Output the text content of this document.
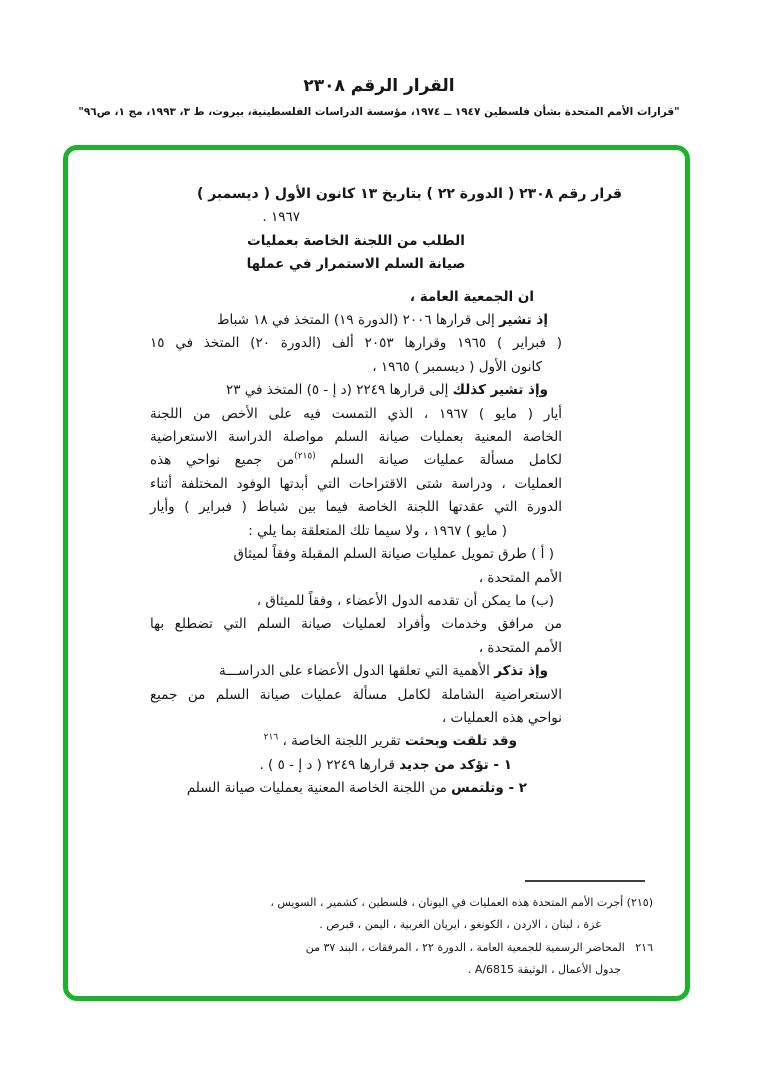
القرار الرقم ٢٣٠٨
"قرارات الأمم المتحدة بشأن فلسطين ١٩٤٧ ــ ١٩٧٤، مؤسسة الدراسات الفلسطينية، بيروت، ط ٣، ١٩٩٣، مج ١، ص٩٦"
قرار رقم ٢٣٠٨ ( الدورة ٢٢ ) بتاريخ ١٣ كانون الأول ( ديسمبر )
١٩٦٧ .
الطلب من اللجنة الخاصة بعمليات
صيانة السلم الاستمرار في عملها
ان الجمعية العامة ،
إذ تشير إلى قرارها ٢٠٠٦ (الدورة ١٩) المتخذ في ١٨ شباط
( فبراير ) ١٩٦٥ وقرارها ٢٠٥٣ ألف (الدورة ٢٠) المتخذ في ١٥
كانون الأول ( ديسمبر ) ١٩٦٥ ،
وإذ تشير كذلك إلى قرارها ٢٢٤٩ (د إ - ٥) المتخذ في ٢٣
أيار ( مايو ) ١٩٦٧ ، الذي التمست فيه على الأخص من اللجنة
الخاصة المعنية بعمليات صيانة السلم مواصلة الدراسة الاستعراضية
لكامل مسألة عمليات صيانة السلم $^{(٢١٥)}$من جميع نواحي هذه
العمليات ، ودراسة شتى الاقتراحات التي أبدتها الوفود المختلفة أثناء
الدورة التي عقدتها اللجنة الخاصة فيما بين شباط ( فبراير ) وأيار
( مايو ) ١٩٦٧ ، ولا سيما تلك المتعلقة بما يلي :
( أ ) طرق تمويل عمليات صيانة السلم المقبلة وفقاً لميثاق
الأمم المتحدة ،
(ب) ما يمكن أن تقدمه الدول الأعضاء ، وفقاً للميثاق ،
من مرافق وخدمات وأفراد لعمليات صيانة السلم التي تضطلع بها
الأمم المتحدة ،
وإذ تذكر الأهمية التي تعلقها الدول الأعضاء على الدراســـة
الاستعراضية الشاملة لكامل مسألة عمليات صيانة السلم من جميع
نواحي هذه العمليات ،
وقد تلقت وبحثت تقرير اللجنة الخاصة ، $^{٢١٦}$
١ - تؤكد من جديد قرارها ٢٢٤٩ ( د إ - ٥ ) .
٢ - وتلتمس من اللجنة الخاصة المعنية بعمليات صيانة السلم
(٢١٥) أجرت الأمم المتحدة هذه العمليات في اليونان ، فلسطين ، كشمير ، السويس ،
غزة ، لبنان ، الاردن ، الكونغو ، ايريان الغربية ، اليمن ، قبرص .
٢١٦   المحاضر الرسمية للجمعية العامة ، الدورة ٢٢ ، المرفقات ، البند ٣٧ من
جدول الأعمال ، الوثيقة A/6815 .
